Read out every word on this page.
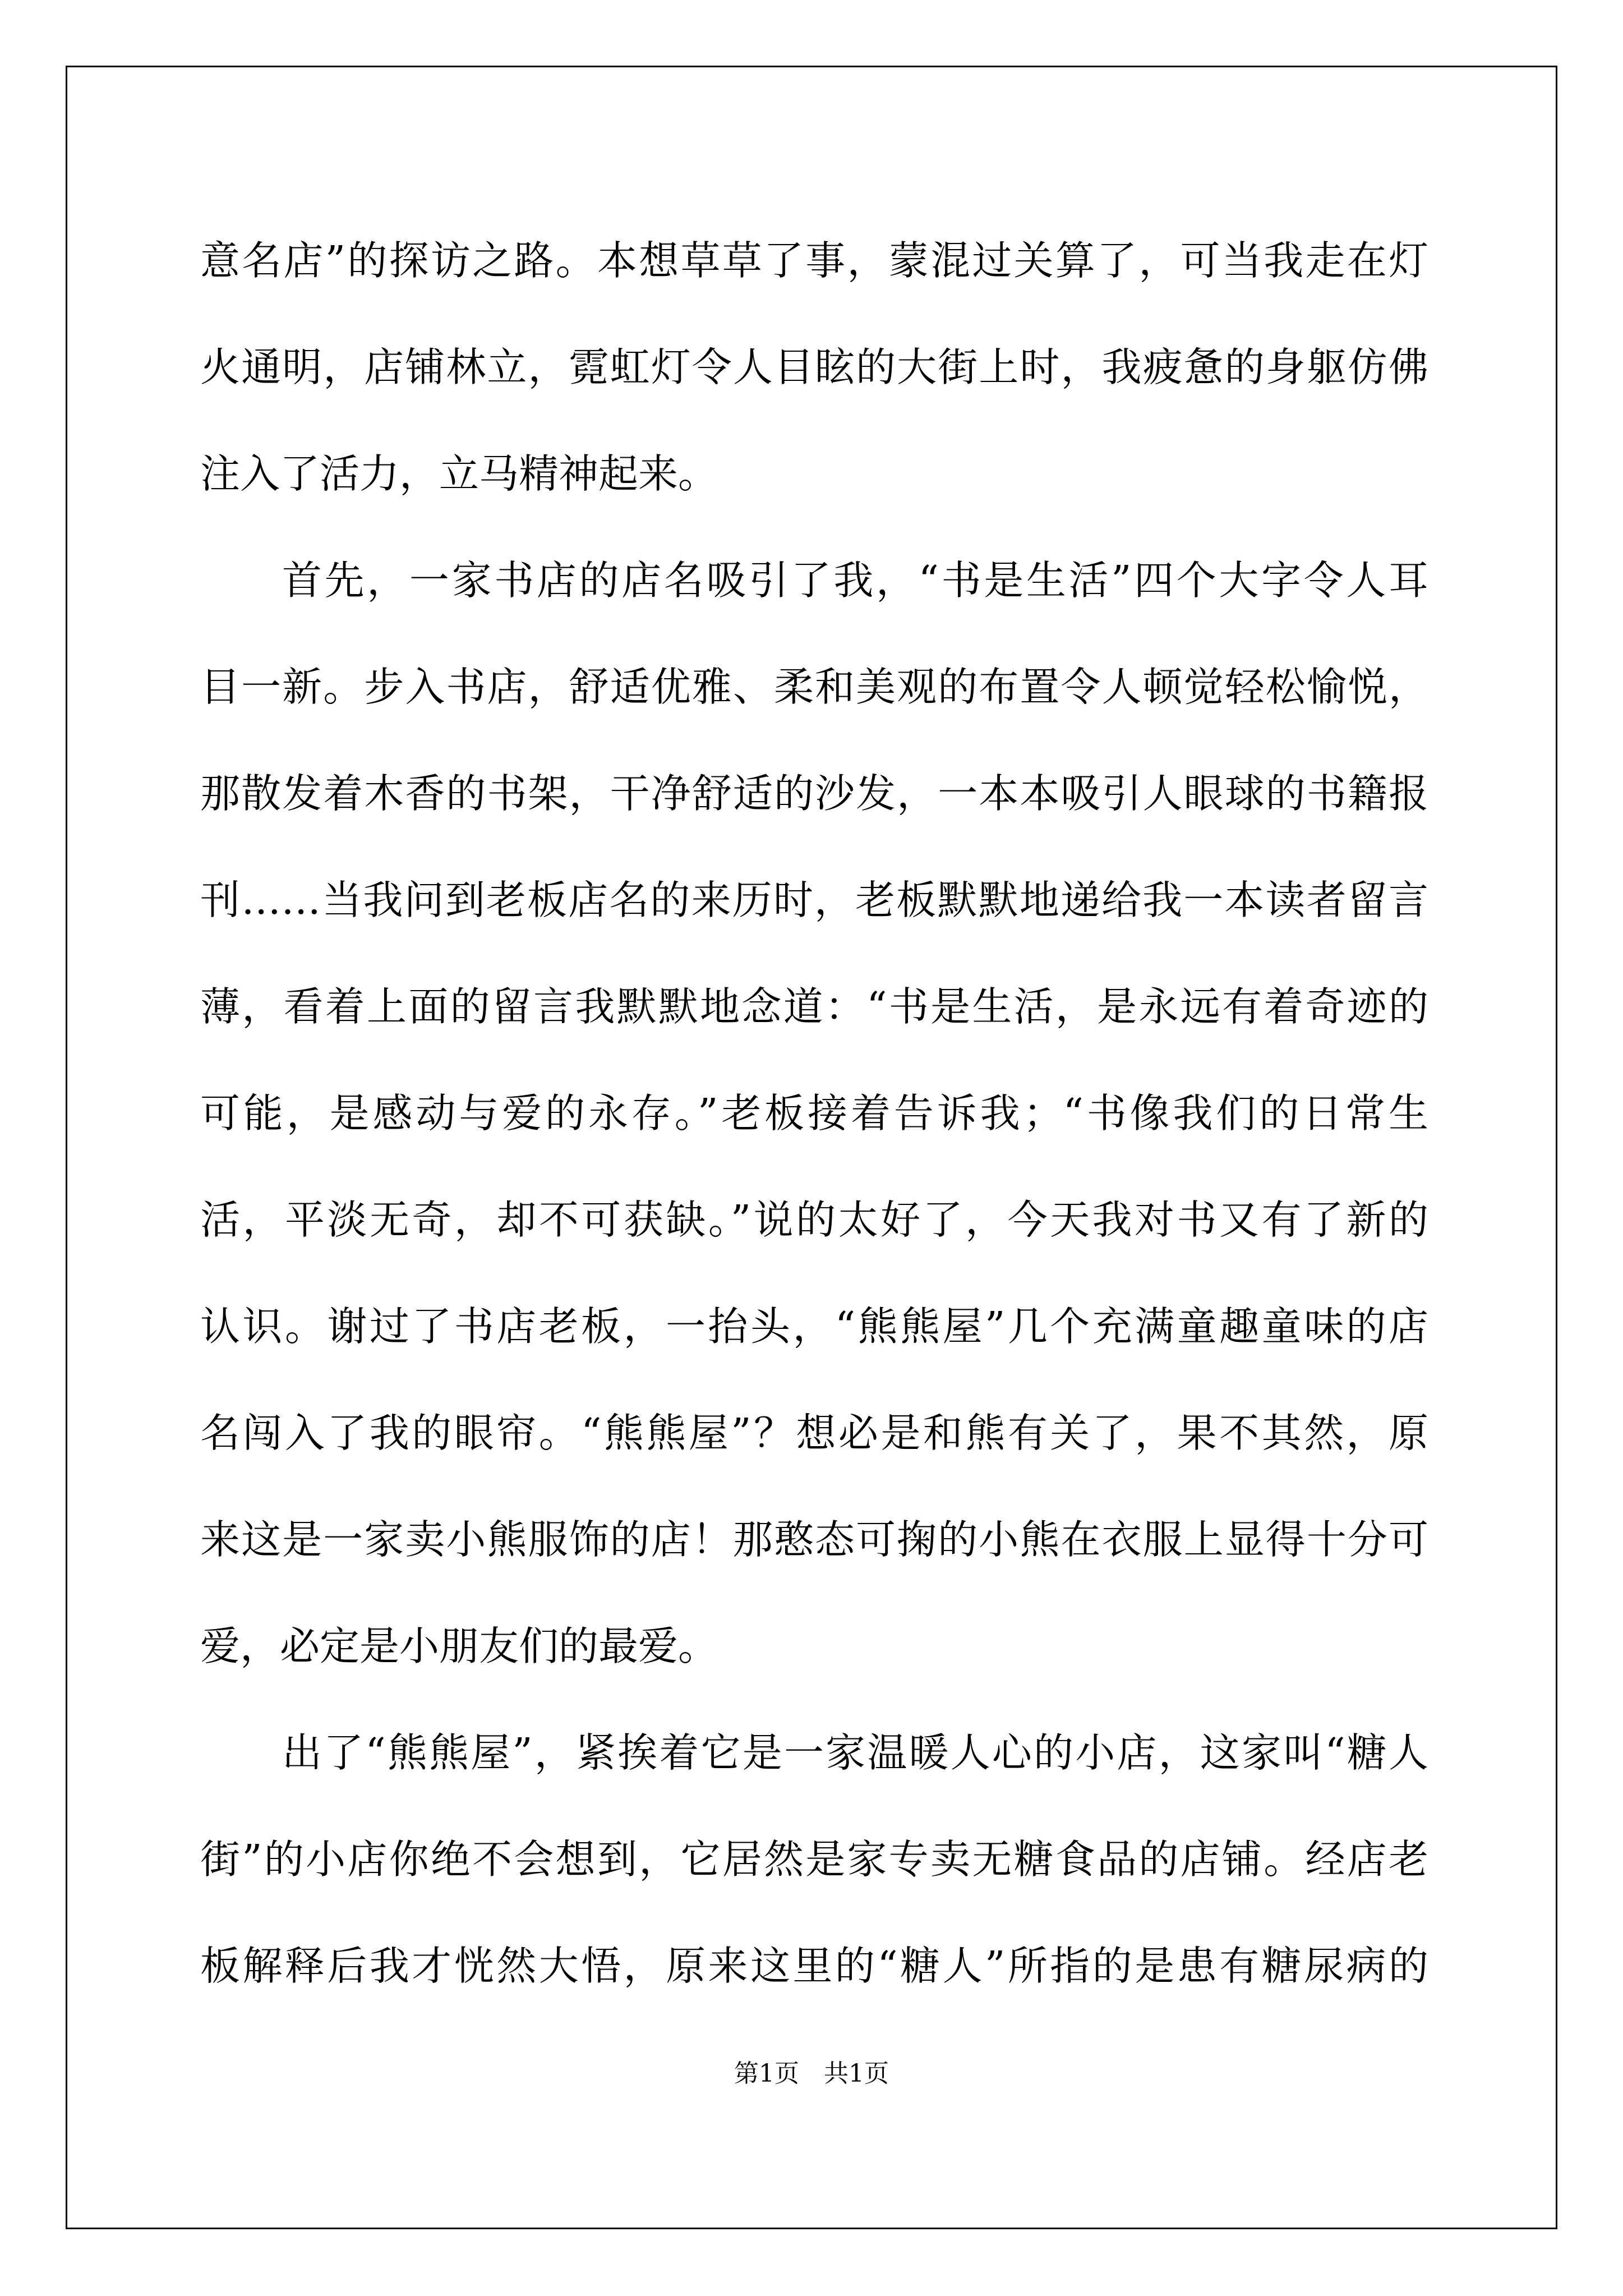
意名店”的探访之路。本想草草了事，蒙混过关算了，可当我走在灯
火通明，店铺林立，霓虹灯令人目眩的大街上时，我疲惫的身躯仿佛
注入了活力，立马精神起来。
首先，一家书店的店名吸引了我，“书是生活”四个大字令人耳
目一新。步入书店，舒适优雅、柔和美观的布置令人顿觉轻松愉悦，
那散发着木香的书架，干净舒适的沙发，一本本吸引人眼球的书籍报
刊……当我问到老板店名的来历时，老板默默地递给我一本读者留言
薄，看着上面的留言我默默地念道：“书是生活，是永远有着奇迹的
可能，是感动与爱的永存。”老板接着告诉我；“书像我们的日常生
活，平淡无奇，却不可获缺。”说的太好了，今天我对书又有了新的
认识。谢过了书店老板，一抬头，“熊熊屋”几个充满童趣童味的店
名闯入了我的眼帘。“熊熊屋”？想必是和熊有关了，果不其然，原
来这是一家卖小熊服饰的店！那憨态可掬的小熊在衣服上显得十分可
爱，必定是小朋友们的最爱。
出了“熊熊屋”，紧挨着它是一家温暖人心的小店，这家叫“糖人
街”的小店你绝不会想到，它居然是家专卖无糖食品的店铺。经店老
板解释后我才恍然大悟，原来这里的“糖人”所指的是患有糖尿病的
第1页　共1页
